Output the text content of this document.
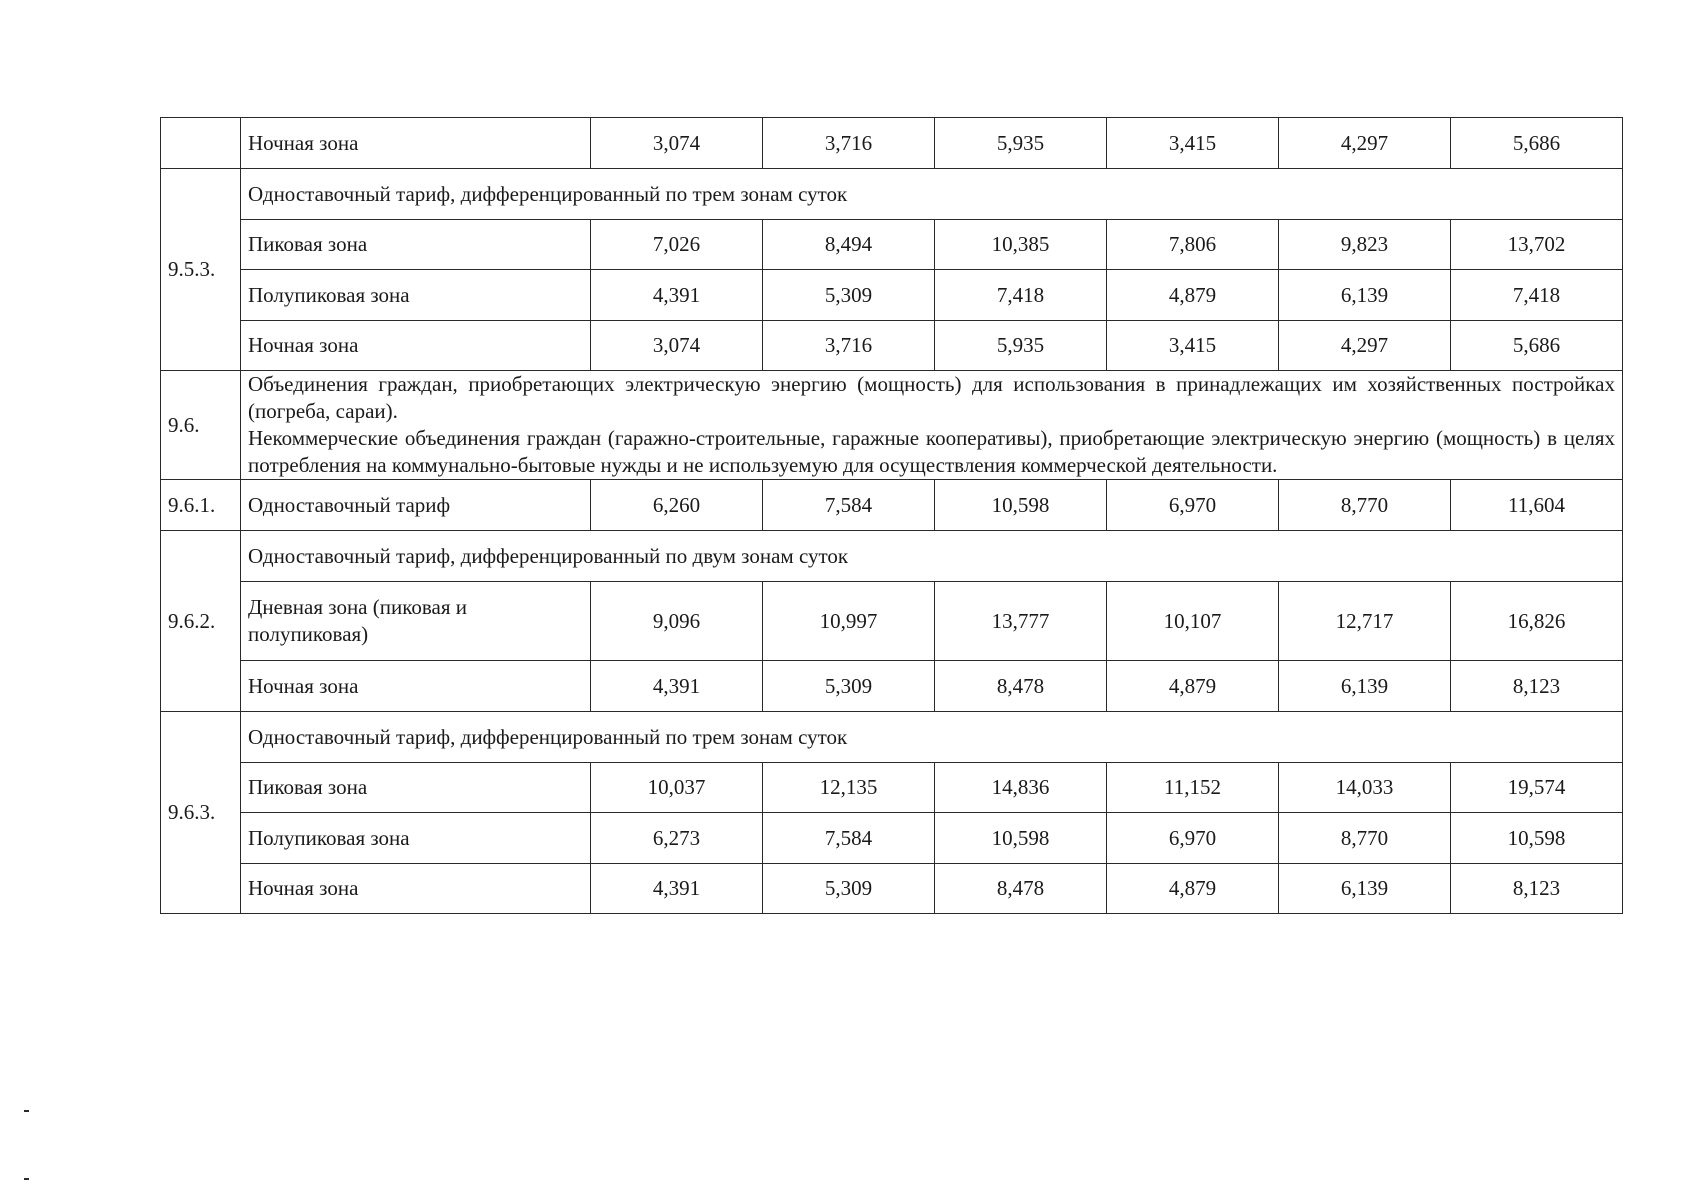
	Ночная зона	3,074	3,716	5,935	3,415	4,297	5,686
9.5.3.	Одноставочный тариф, дифференцированный по трем зонам суток						
	Пиковая зона	7,026	8,494	10,385	7,806	9,823	13,702
	Полупиковая зона	4,391	5,309	7,418	4,879	6,139	7,418
	Ночная зона	3,074	3,716	5,935	3,415	4,297	5,686
9.6.	Объединения граждан, приобретающих электрическую энергию (мощность) для использования в принадлежащих им хозяйственных постройках (погреба, сараи).
Некоммерческие объединения граждан (гаражно-строительные, гаражные кооперативы), приобретающие электрическую энергию (мощность) в целях потребления на коммунально-бытовые нужды и не используемую для осуществления коммерческой деятельности.						

9.6.1.	Одноставочный тариф	6,260	7,584	10,598	6,970	8,770	11,604
9.6.2.	Одноставочный тариф, дифференцированный по двум зонам суток						
	Дневная зона (пиковая и полупиковая)	9,096	10,997	13,777	10,107	12,717	16,826
	Ночная зона	4,391	5,309	8,478	4,879	6,139	8,123
9.6.3.	Одноставочный тариф, дифференцированный по трем зонам суток						
	Пиковая зона	10,037	12,135	14,836	11,152	14,033	19,574
	Полупиковая зона	6,273	7,584	10,598	6,970	8,770	10,598
	Ночная зона	4,391	5,309	8,478	4,879	6,139	8,123
